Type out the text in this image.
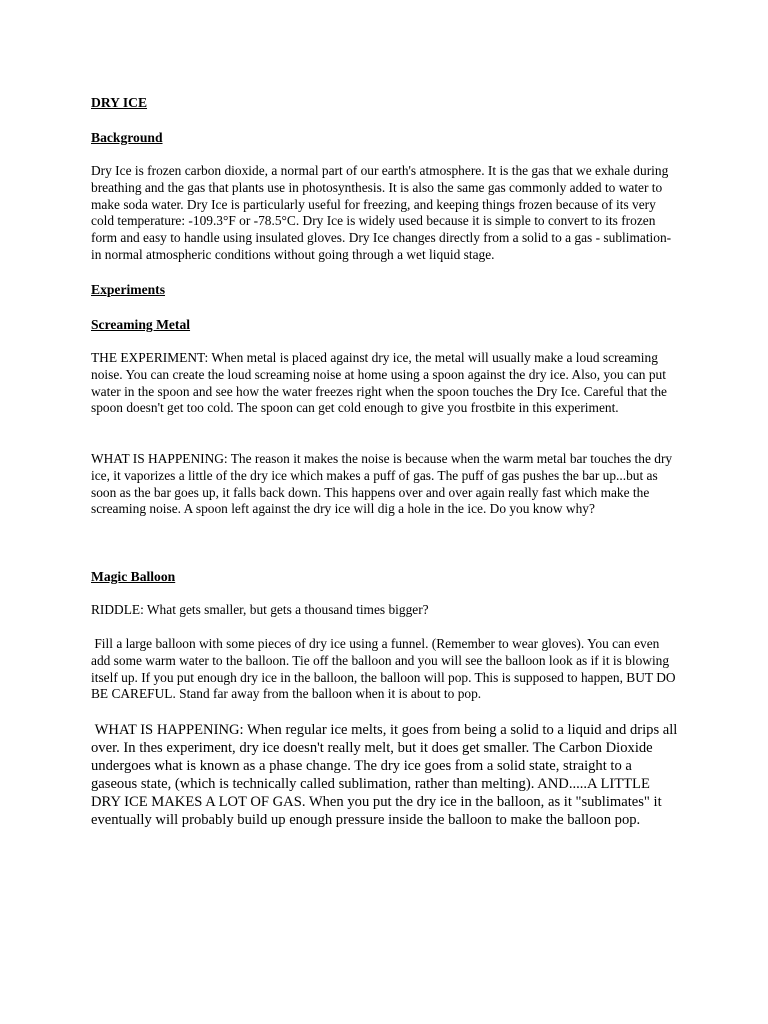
DRY ICE
Background

Dry Ice is frozen carbon dioxide, a normal part of our earth's atmosphere. It is the gas that we exhale during breathing and the gas that plants use in photosynthesis. It is also the same gas commonly added to water to make soda water. Dry Ice is particularly useful for freezing, and keeping things frozen because of its very cold temperature: -109.3°F or -78.5°C. Dry Ice is widely used because it is simple to convert to its frozen form and easy to handle using insulated gloves. Dry Ice changes directly from a solid to a gas - sublimation- in normal atmospheric conditions without going through a wet liquid stage.

Experiments
Screaming Metal

THE EXPERIMENT: When metal is placed against dry ice, the metal will usually make a loud screaming noise. You can create the loud screaming noise at home using a spoon against the dry ice. Also, you can put water in the spoon and see how the water freezes right when the spoon touches the Dry Ice. Careful that the spoon doesn't get too cold. The spoon can get cold enough to give you frostbite in this experiment.

WHAT IS HAPPENING: The reason it makes the noise is because when the warm metal bar touches the dry ice, it vaporizes a little of the dry ice which makes a puff of gas. The puff of gas pushes the bar up...but as soon as the bar goes up, it falls back down. This happens over and over again really fast which make the screaming noise. A spoon left against the dry ice will dig a hole in the ice. Do you know why?

Magic Balloon

RIDDLE: What gets smaller, but gets a thousand times bigger?

Fill a large balloon with some pieces of dry ice using a funnel. (Remember to wear gloves). You can even add some warm water to the balloon. Tie off the balloon and you will see the balloon look as if it is blowing itself up. If you put enough dry ice in the balloon, the balloon will pop. This is supposed to happen, BUT DO BE CAREFUL. Stand far away from the balloon when it is about to pop.

WHAT IS HAPPENING: When regular ice melts, it goes from being a solid to a liquid and drips all over. In thes experiment, dry ice doesn't really melt, but it does get smaller. The Carbon Dioxide undergoes what is known as a phase change. The dry ice goes from a solid state, straight to a gaseous state, (which is technically called sublimation, rather than melting). AND.....A LITTLE DRY ICE MAKES A LOT OF GAS. When you put the dry ice in the balloon, as it "sublimates" it eventually will probably build up enough pressure inside the balloon to make the balloon pop.
